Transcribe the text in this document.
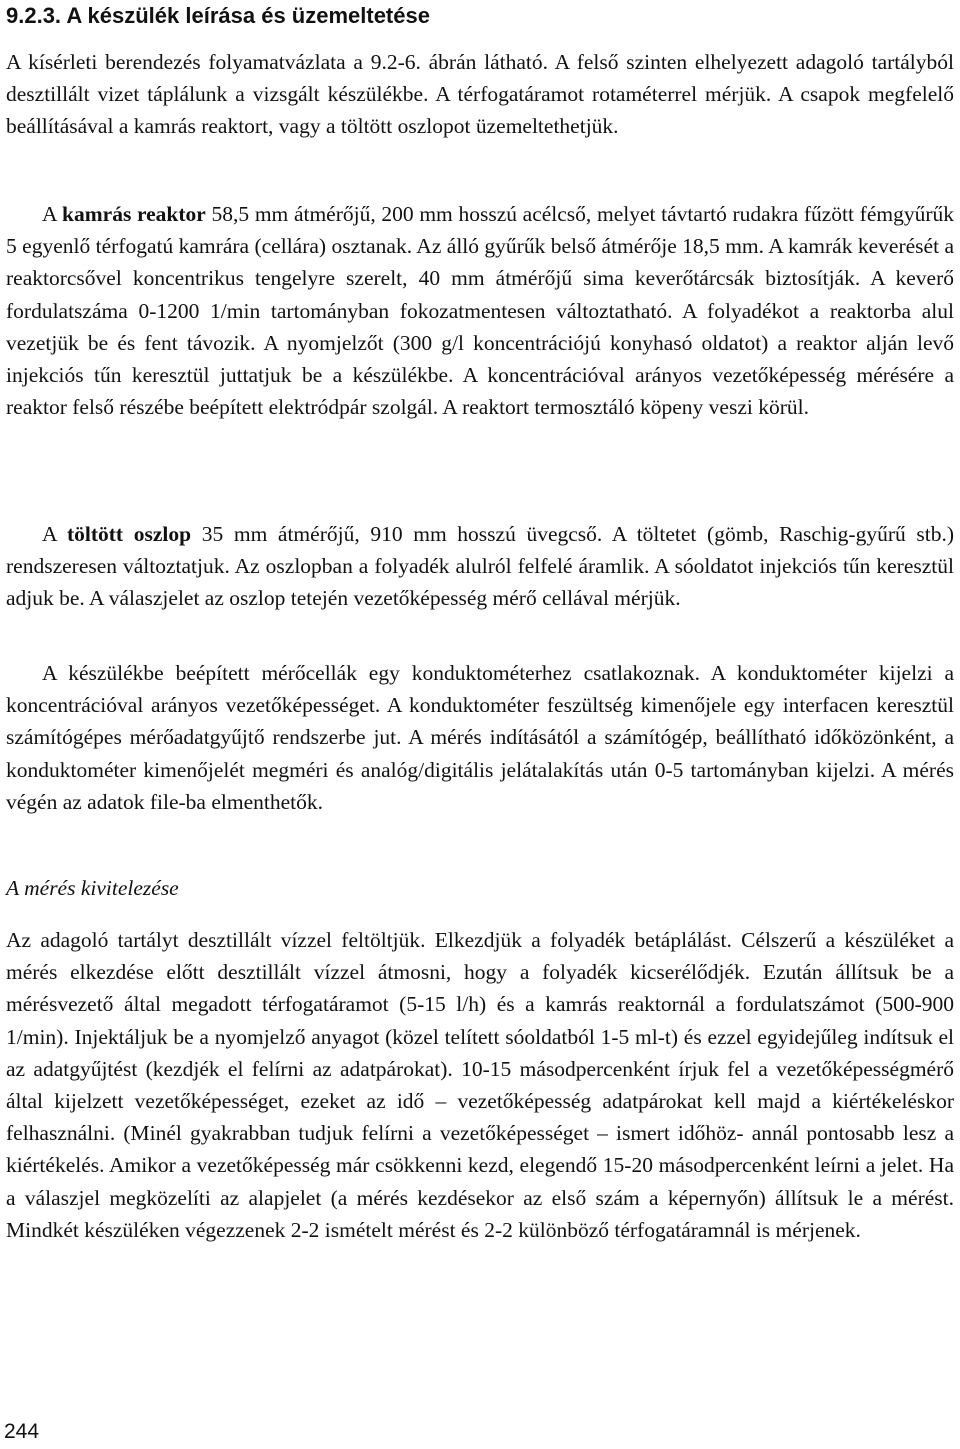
9.2.3. A készülék leírása és üzemeltetése

A kísérleti berendezés folyamatvázlata a 9.2-6. ábrán látható. A felső szinten elhelyezett adagoló tartályból desztillált vizet táplálunk a vizsgált készülékbe. A térfogatáramot rotaméterrel mérjük. A csapok megfelelő beállításával a kamrás reaktort, vagy a töltött oszlopot üzemeltethetjük.

A kamrás reaktor 58,5 mm átmérőjű, 200 mm hosszú acélcső, melyet távtartó rudakra fűzött fémgyűrűk 5 egyenlő térfogatú kamrára (cellára) osztanak. Az álló gyűrűk belső átmérője 18,5 mm. A kamrák keverését a reaktorcsővel koncentrikus tengelyre szerelt, 40 mm átmérőjű sima keverőtárcsák biztosítják. A keverő fordulatszáma 0-1200 1/min tartományban fokozatmentesen változtatható. A folyadékot a reaktorba alul vezetjük be és fent távozik. A nyomjelzőt (300 g/l koncentrációjú konyhasó oldatot) a reaktor alján levő injekciós tűn keresztül juttatjuk be a készülékbe. A koncentrációval arányos vezetőképesség mérésére a reaktor felső részébe beépített elektródpár szolgál. A reaktort termosztáló köpeny veszi körül.

A töltött oszlop 35 mm átmérőjű, 910 mm hosszú üvegcső. A töltetet (gömb, Raschig-gyűrű stb.) rendszeresen változtatjuk. Az oszlopban a folyadék alulról felfelé áramlik. A sóoldatot injekciós tűn keresztül adjuk be. A válaszjelet az oszlop tetején vezetőképesség mérő cellával mérjük.

A készülékbe beépített mérőcellák egy konduktométerhez csatlakoznak. A konduktométer kijelzi a koncentrációval arányos vezetőképességet. A konduktométer feszültség kimenőjele egy interfacen keresztül számítógépes mérőadatgyűjtő rendszerbe jut. A mérés indításától a számítógép, beállítható időközönként, a konduktométer kimenőjelét megméri és analóg/digitális jelátalakítás után 0-5 tartományban kijelzi. A mérés végén az adatok file-ba elmenthetők.

A mérés kivitelezése

Az adagoló tartályt desztillált vízzel feltöltjük. Elkezdjük a folyadék betáplálást. Célszerű a készüléket a mérés elkezdése előtt desztillált vízzel átmosni, hogy a folyadék kicserélődjék. Ezután állítsuk be a mérésvezető által megadott térfogatáramot (5-15 l/h) és a kamrás reaktornál a fordulatszámot (500-900 1/min). Injektáljuk be a nyomjelző anyagot (közel telített sóoldatból 1-5 ml-t) és ezzel egyidejűleg indítsuk el az adatgyűjtést (kezdjék el felírni az adatpárokat). 10-15 másodpercenként írjuk fel a vezetőképességmérő által kijelzett vezetőképességet, ezeket az idő – vezetőképesség adatpárokat kell majd a kiértékeléskor felhasználni. (Minél gyakrabban tudjuk felírni a vezetőképességet – ismert időhöz- annál pontosabb lesz a kiértékelés. Amikor a vezetőképesség már csökkenni kezd, elegendő 15-20 másodpercenként leírni a jelet. Ha a válaszjel megközelíti az alapjelet (a mérés kezdésekor az első szám a képernyőn) állítsuk le a mérést. Mindkét készüléken végezzenek 2-2 ismételt mérést és 2-2 különböző térfogatáramnál is mérjenek.

244
